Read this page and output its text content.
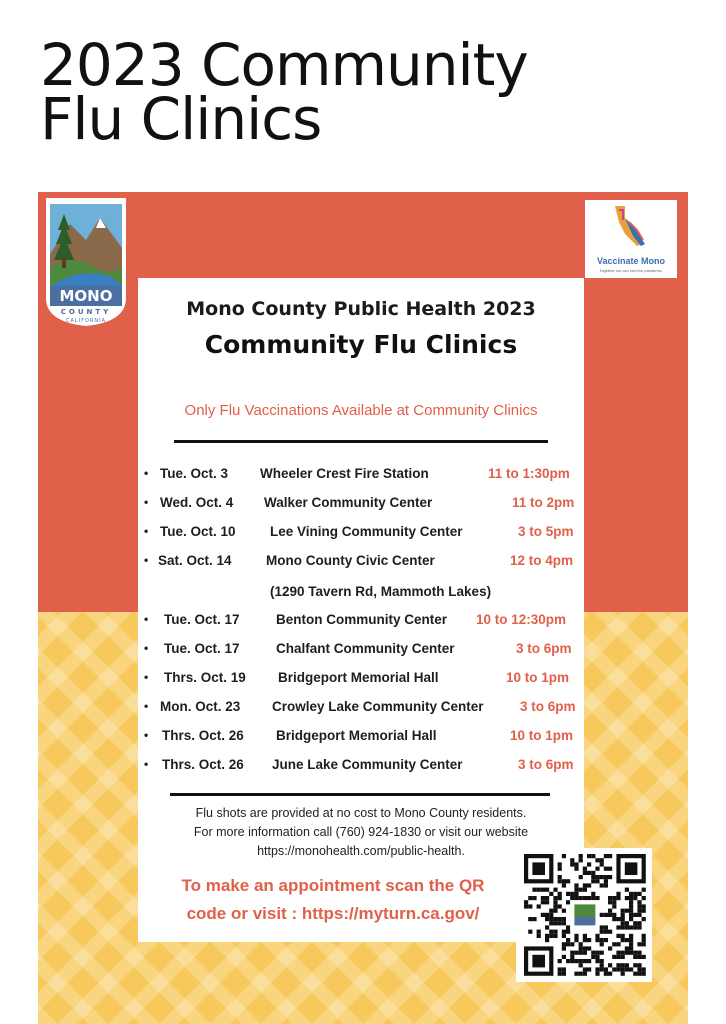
2023 Community
Flu Clinics
MONO
COUNTY
CALIFORNIA
Vaccinate Mono
Together we can end the pandemic.
Mono County Public Health 2023
Community Flu Clinics
Only Flu Vaccinations Available at Community Clinics
• Tue. Oct. 3 Wheeler Crest Fire Station	11 to 1:30pm
• Wed. Oct. 4 Walker Community Center	11 to 2pm
• Tue. Oct. 10	Lee Vining Community Center	3 to 5pm
• Sat. Oct. 14	Mono County Civic Center	12 to 4pm
• Tue. Oct. 17	Benton Community Center 10 to 12:30pm
• Tue. Oct. 17	Chalfant Community Center	3 to 6pm
• Thrs. Oct. 19 Bridgeport Memorial Hall	10 to 1pm
• Mon. Oct. 23 Crowley Lake Community Center	3 to 6pm
• Thrs. Oct. 26 Bridgeport Memorial Hall	10 to 1pm
• Thrs. Oct. 26 June Lake Community Center	3 to 6pm
(1290 Tavern Rd, Mammoth Lakes)
Flu shots are provided at no cost to Mono County residents.
For more information call (760) 924-1830 or visit our website
https://monohealth.com/public-health.
To make an appointment scan the QR
code or visit : https://myturn.ca.gov/
